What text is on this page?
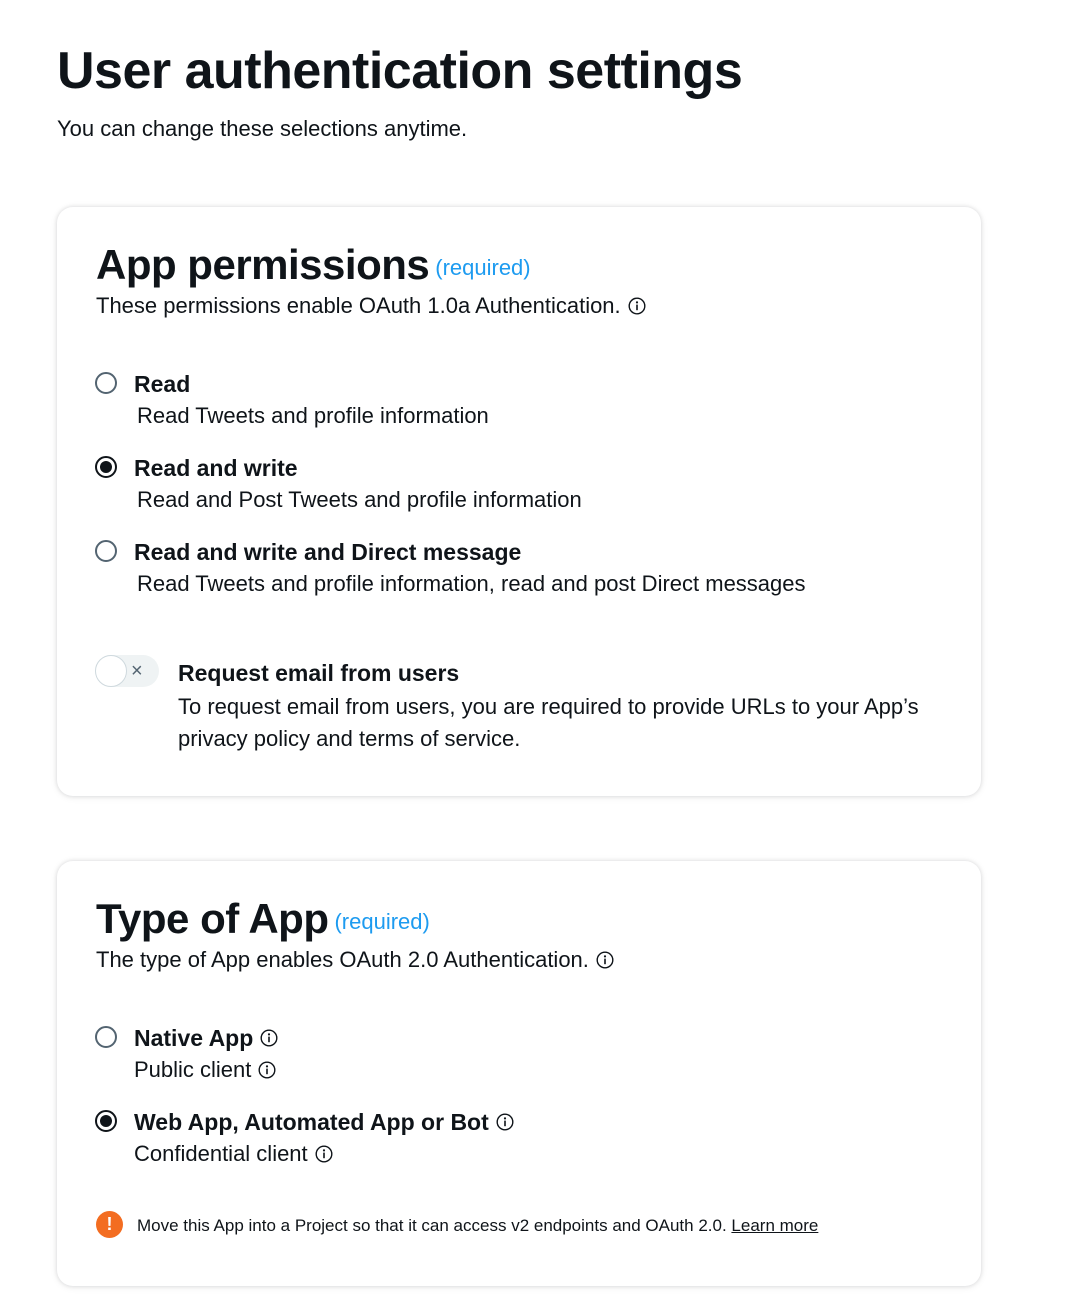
User authentication settings
You can change these selections anytime.
App permissions (required)
These permissions enable OAuth 1.0a Authentication.
Read
Read Tweets and profile information
Read and write
Read and Post Tweets and profile information
Read and write and Direct message
Read Tweets and profile information, read and post Direct messages
× Request email from users
To request email from users, you are required to provide URLs to your App’s privacy policy and terms of service.
Type of App (required)
The type of App enables OAuth 2.0 Authentication.
Native App
Public client
Web App, Automated App or Bot
Confidential client
!	Move this App into a Project so that it can access v2 endpoints and OAuth 2.0. Learn more
